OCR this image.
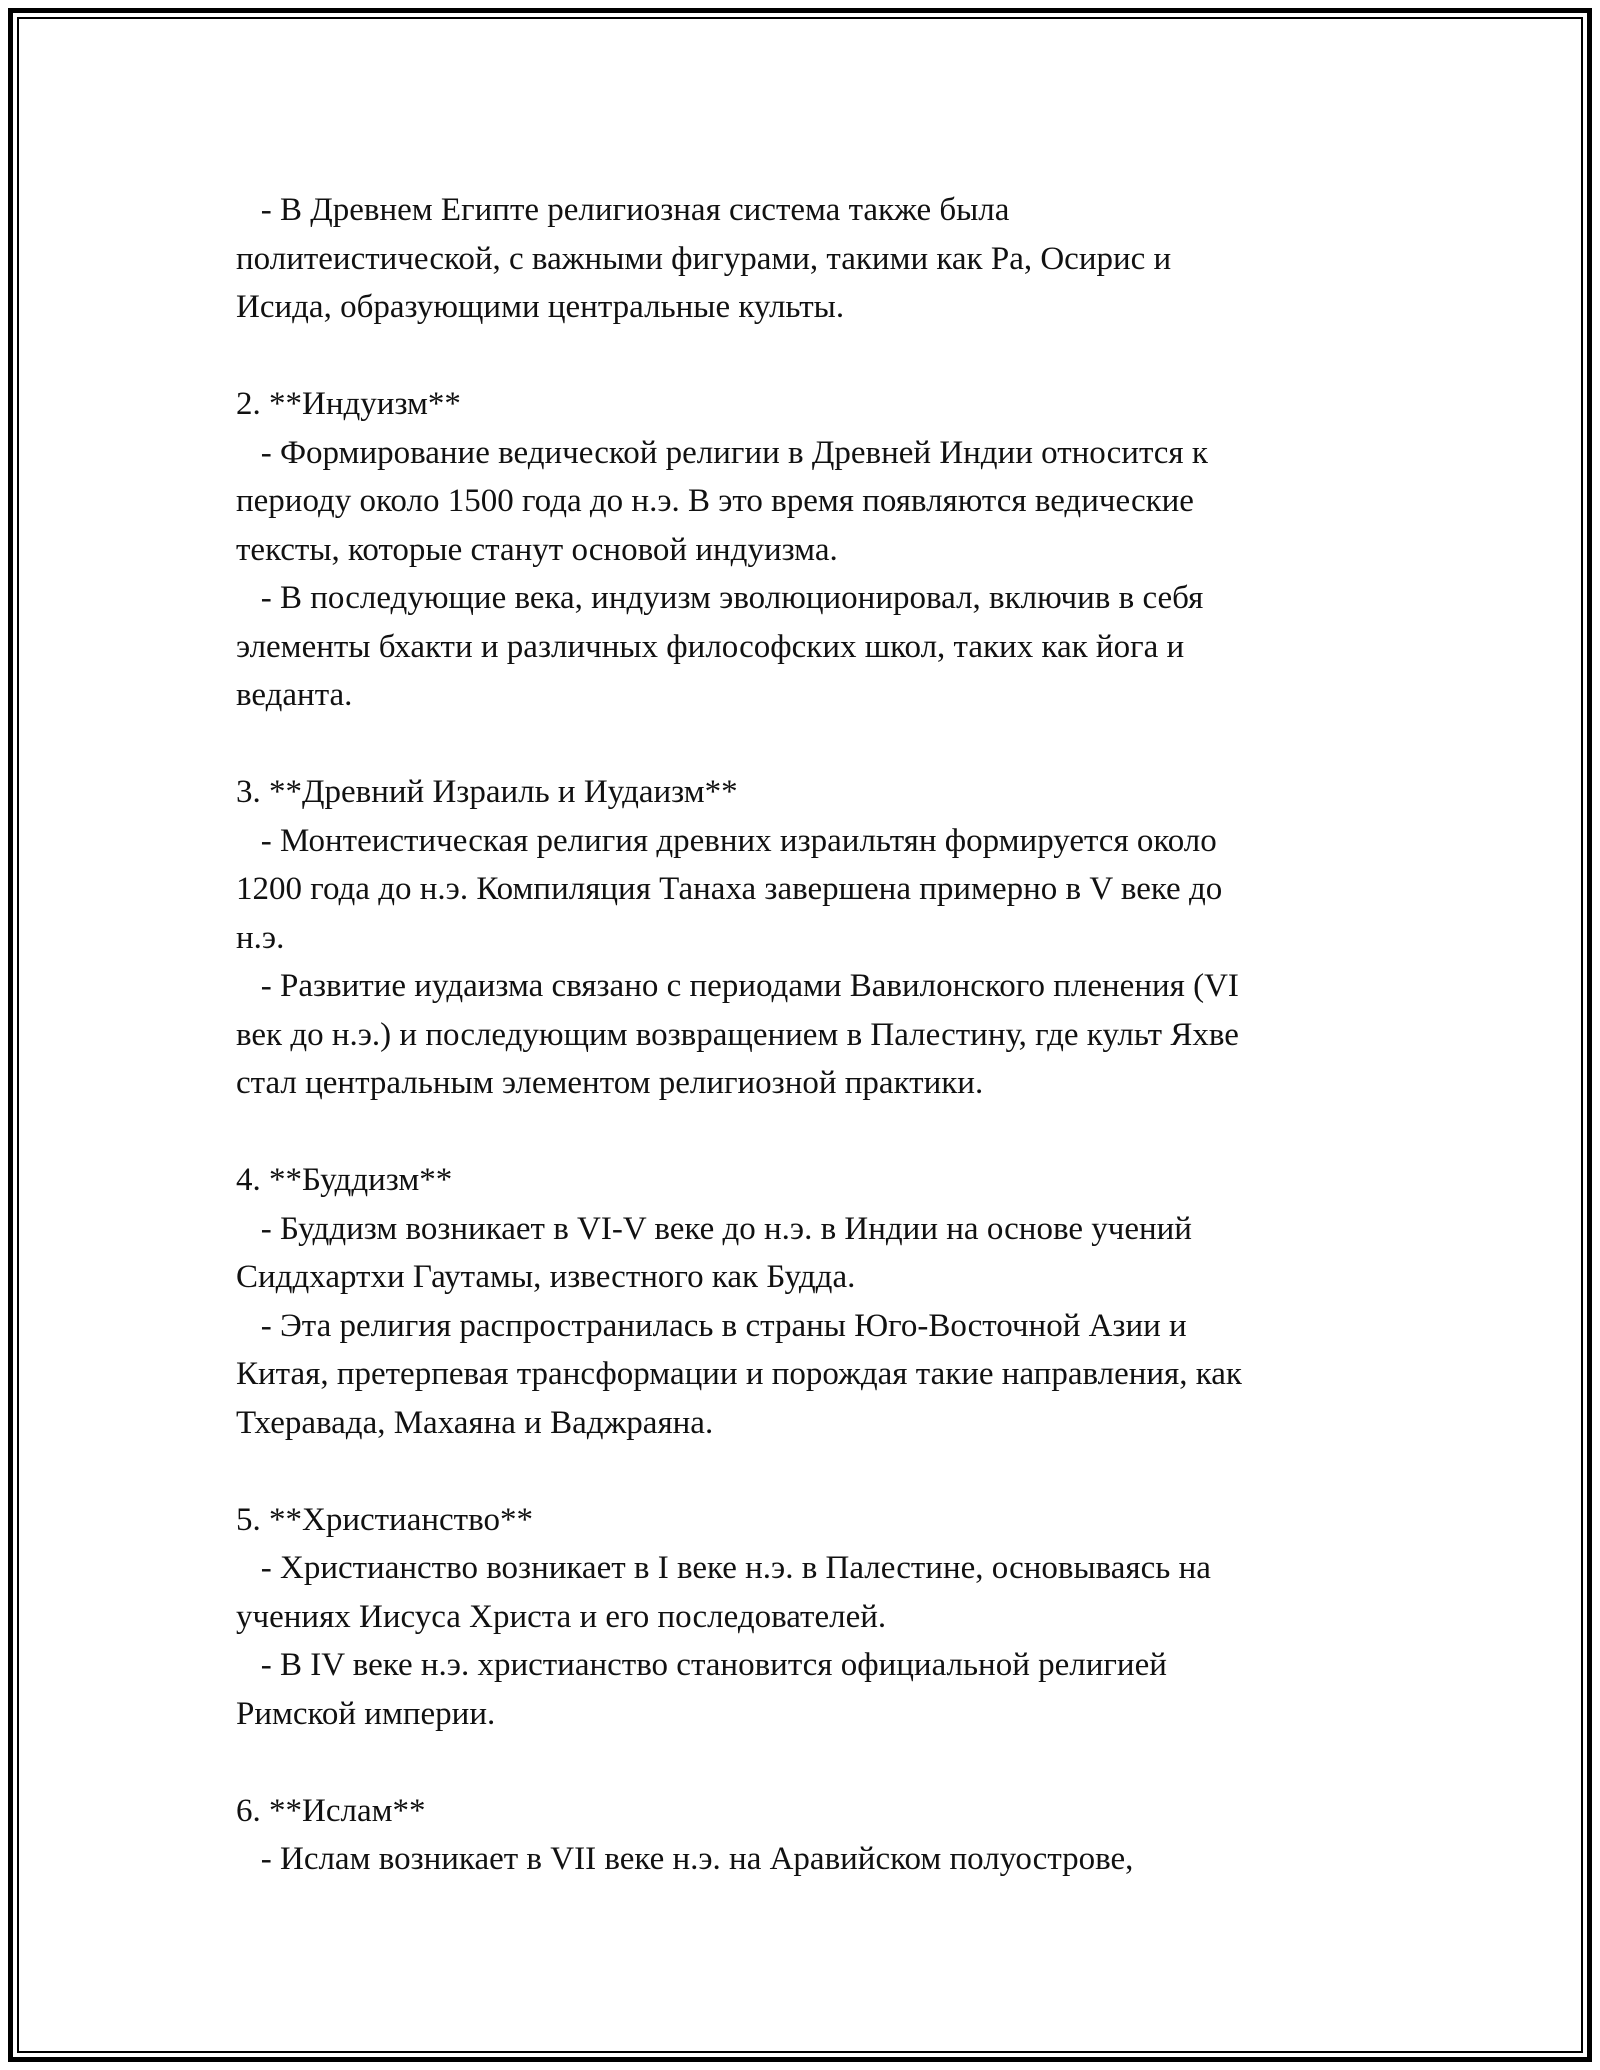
- В Древнем Египте религиозная система также была
политеистической, с важными фигурами, такими как Ра, Осирис и
Исида, образующими центральные культы.
2. **Индуизм**
- Формирование ведической религии в Древней Индии относится к
периоду около 1500 года до н.э. В это время появляются ведические
тексты, которые станут основой индуизма.
- В последующие века, индуизм эволюционировал, включив в себя
элементы бхакти и различных философских школ, таких как йога и
веданта.
3. **Древний Израиль и Иудаизм**
- Монтеистическая религия древних израильтян формируется около
1200 года до н.э. Компиляция Танаха завершена примерно в V веке до
н.э.
- Развитие иудаизма связано с периодами Вавилонского пленения (VI
век до н.э.) и последующим возвращением в Палестину, где культ Яхве
стал центральным элементом религиозной практики.
4. **Буддизм**
- Буддизм возникает в VI-V веке до н.э. в Индии на основе учений
Сиддхартхи Гаутамы, известного как Будда.
- Эта религия распространилась в страны Юго-Восточной Азии и
Китая, претерпевая трансформации и порождая такие направления, как
Тхеравада, Махаяна и Ваджраяна.
5. **Христианство**
- Христианство возникает в I веке н.э. в Палестине, основываясь на
учениях Иисуса Христа и его последователей.
- В IV веке н.э. христианство становится официальной религией
Римской империи.
6. **Ислам**
- Ислам возникает в VII веке н.э. на Аравийском полуострове,
